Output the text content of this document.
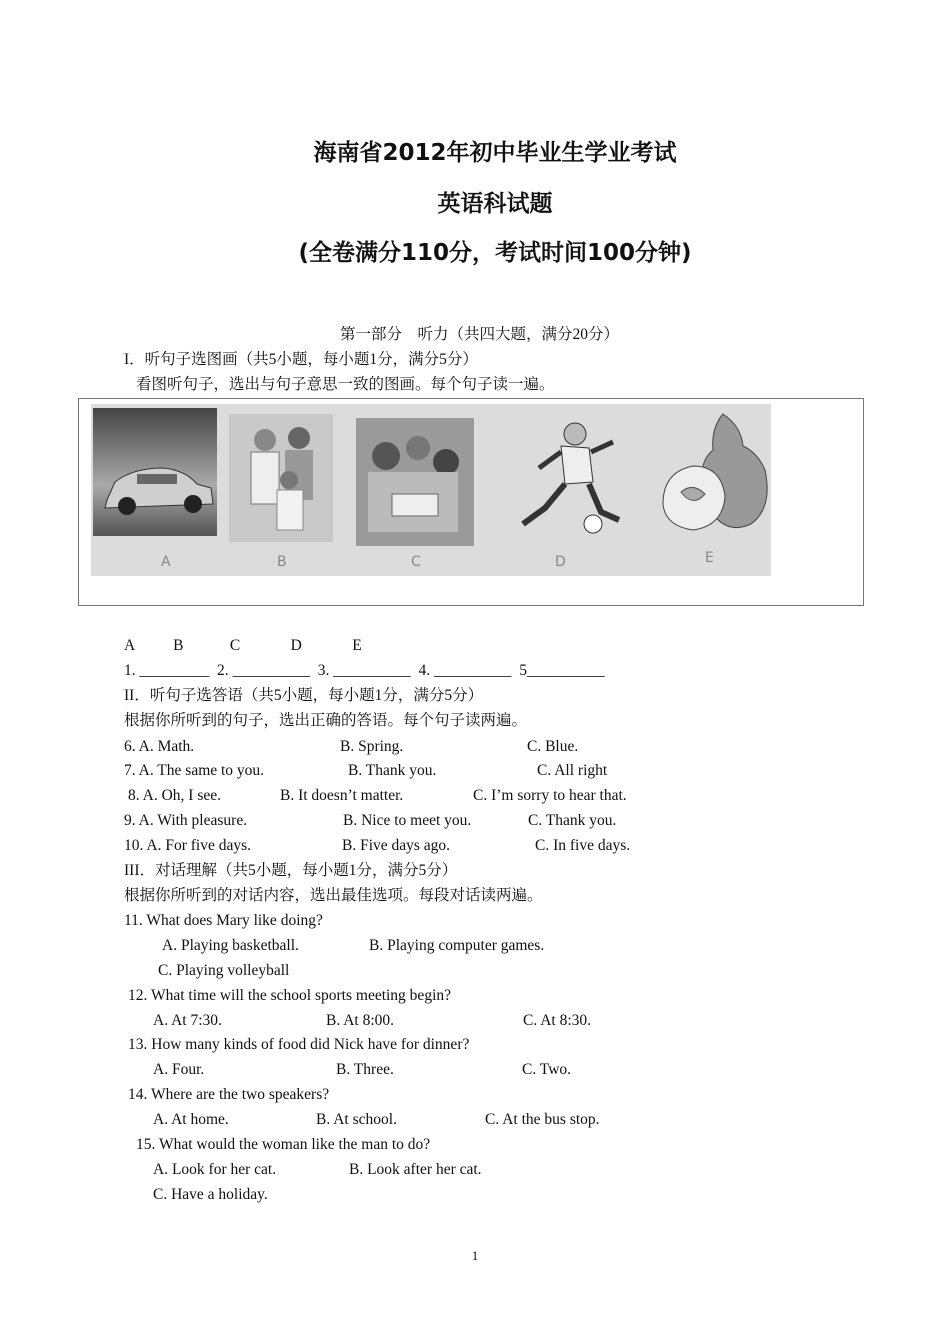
海南省2012年初中毕业生学业考试
英语科试题
(全卷满分110分，考试时间100分钟)
第一部分    听力（共四大题，满分20分）
I．听句子选图画（共5小题，每小题1分，满分5分）
看图听句子，选出与句子意思一致的图画。每个句子读一遍。
A	B	C	D	E
A          B            C             D             E
1. _________  2. __________  3. __________  4. __________  5__________
II．听句子选答语（共5小题，每小题1分，满分5分）
根据你所听到的句子，选出正确的答语。每个句子读两遍。
6. A. Math.	B. Spring.	C. Blue.
7. A. The same to you.	B. Thank you.	C. All right
8. A. Oh, I see.	B. It doesn’t matter.	C. I’m sorry to hear that.
9. A. With pleasure.	B. Nice to meet you.	C. Thank you.
10. A. For five days.	B. Five days ago.	C. In five days.
III．对话理解（共5小题，每小题1分，满分5分）
根据你所听到的对话内容，选出最佳选项。每段对话读两遍。
11. What does Mary like doing?
A. Playing basketball.	B. Playing computer games.
C. Playing volleyball
12. What time will the school sports meeting begin?
A. At 7:30.	B. At 8:00.	C. At 8:30.
13. How many kinds of food did Nick have for dinner?
A. Four.	B. Three.	C. Two.
14. Where are the two speakers?
A. At home.	B. At school.	C. At the bus stop.
15. What would the woman like the man to do?
A. Look for her cat.	B. Look after her cat.
C. Have a holiday.
1
